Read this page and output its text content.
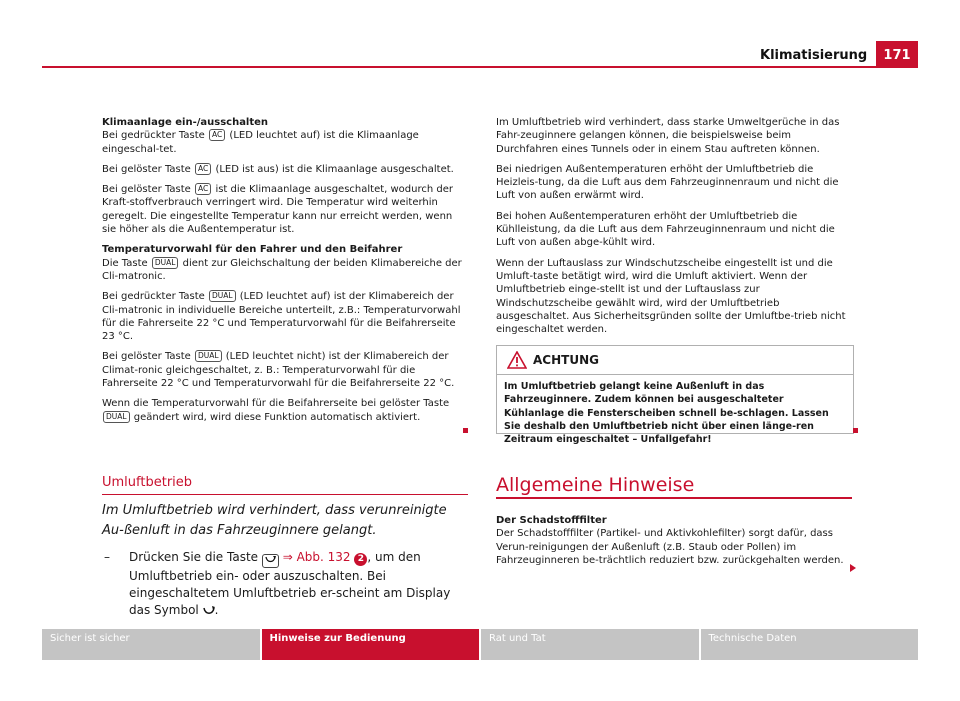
Klimatisierung	171

Klimaanlage ein-/ausschalten

Bei gedrückter Taste AC (LED leuchtet auf) ist die Klimaanlage eingeschal-tet.

Bei gelöster Taste AC (LED ist aus) ist die Klimaanlage ausgeschaltet.

Bei gelöster Taste AC ist die Klimaanlage ausgeschaltet, wodurch der Kraft-stoffverbrauch verringert wird. Die Temperatur wird weiterhin geregelt. Die eingestellte Temperatur kann nur erreicht werden, wenn sie höher als die Außentemperatur ist.

Temperaturvorwahl für den Fahrer und den Beifahrer

Die Taste DUAL dient zur Gleichschaltung der beiden Klimabereiche der Cli-matronic.

Bei gedrückter Taste DUAL (LED leuchtet auf) ist der Klimabereich der Cli-matronic in individuelle Bereiche unterteilt, z.B.: Temperaturvorwahl für die Fahrerseite 22 °C und Temperaturvorwahl für die Beifahrerseite 23 °C.

Bei gelöster Taste DUAL (LED leuchtet nicht) ist der Klimabereich der Climat-ronic gleichgeschaltet, z. B.: Temperaturvorwahl für die Fahrerseite 22 °C und Temperaturvorwahl für die Beifahrerseite 22 °C.

Wenn die Temperaturvorwahl für die Beifahrerseite bei gelöster Taste DUAL geändert wird, wird diese Funktion automatisch aktiviert.

Im Umluftbetrieb wird verhindert, dass starke Umweltgerüche in das Fahr-zeuginnere gelangen können, die beispielsweise beim Durchfahren eines Tunnels oder in einem Stau auftreten können.

Bei niedrigen Außentemperaturen erhöht der Umluftbetrieb die Heizleis-tung, da die Luft aus dem Fahrzeuginnenraum und nicht die Luft von außen erwärmt wird.

Bei hohen Außentemperaturen erhöht der Umluftbetrieb die Kühlleistung, da die Luft aus dem Fahrzeuginnenraum und nicht die Luft von außen abge-kühlt wird.

Wenn der Luftauslass zur Windschutzscheibe eingestellt ist und die Umluft-taste betätigt wird, wird die Umluft aktiviert. Wenn der Umluftbetrieb einge-stellt ist und der Luftauslass zur Windschutzscheibe gewählt wird, wird der Umluftbetrieb ausgeschaltet. Aus Sicherheitsgründen sollte der Umluftbe-trieb nicht eingeschaltet werden.

ACHTUNG
Im Umluftbetrieb gelangt keine Außenluft in das Fahrzeuginnere. Zudem können bei ausgeschalteter Kühlanlage die Fensterscheiben schnell be-schlagen. Lassen Sie deshalb den Umluftbetrieb nicht über einen länge-ren Zeitraum eingeschaltet – Unfallgefahr!
Umluftbetrieb
Im Umluftbetrieb wird verhindert, dass verunreinigte Au-ßenluft in das Fahrzeuginnere gelangt.
– Drücken Sie die Taste ⇒ Abb. 132 2 , um den Umluftbetrieb ein- oder auszuschalten. Bei eingeschaltetem Umluftbetrieb er-scheint am Display das Symbol .
Allgemeine Hinweise

Der Schadstofffilter

Der Schadstofffilter (Partikel- und Aktivkohlefilter) sorgt dafür, dass Verun-reinigungen der Außenluft (z.B. Staub oder Pollen) im Fahrzeuginneren be-trächtlich reduziert bzw. zurückgehalten werden.

Sicher ist sicher	Hinweise zur Bedienung	Rat und Tat	Technische Daten
